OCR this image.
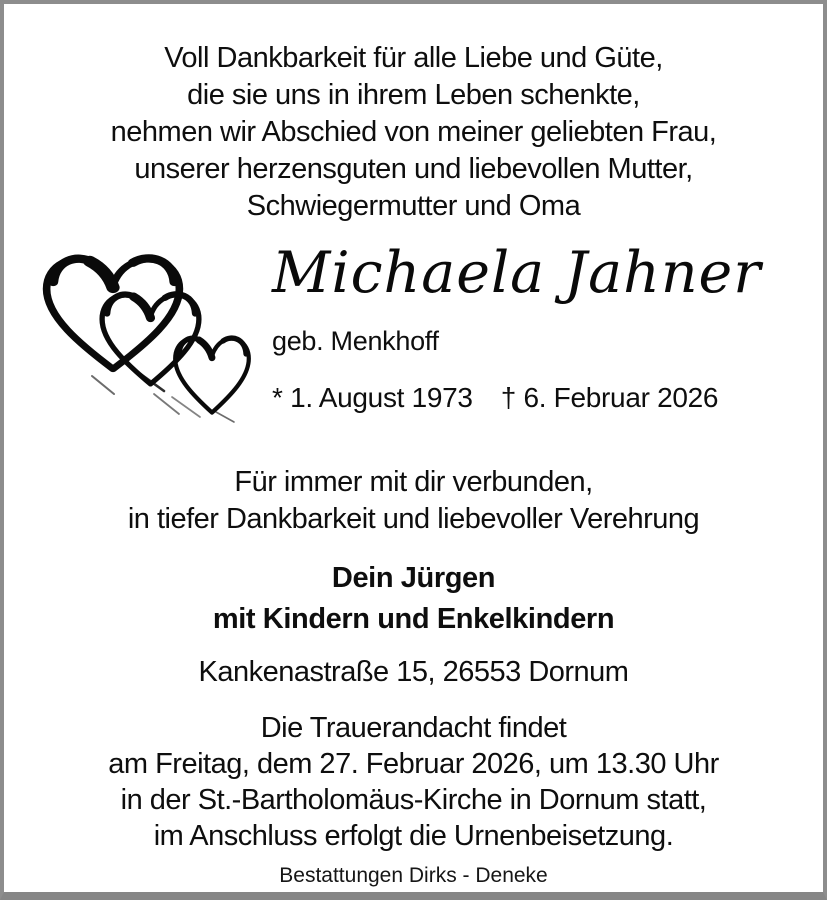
Voll Dankbarkeit für alle Liebe und Güte,
die sie uns in ihrem Leben schenkte,
nehmen wir Abschied von meiner geliebten Frau,
unserer herzensguten und liebevollen Mutter,
Schwiegermutter und Oma
Michaela Jahner
geb. Menkhoff
* 1. August 1973 † 6. Februar 2026
Für immer mit dir verbunden,
in tiefer Dankbarkeit und liebevoller Verehrung
Dein Jürgen
mit Kindern und Enkelkindern
Kankenastraße 15, 26553 Dornum
Die Trauerandacht findet
am Freitag, dem 27. Februar 2026, um 13.30 Uhr
in der St.-Bartholomäus-Kirche in Dornum statt,
im Anschluss erfolgt die Urnenbeisetzung.
Bestattungen Dirks - Deneke
